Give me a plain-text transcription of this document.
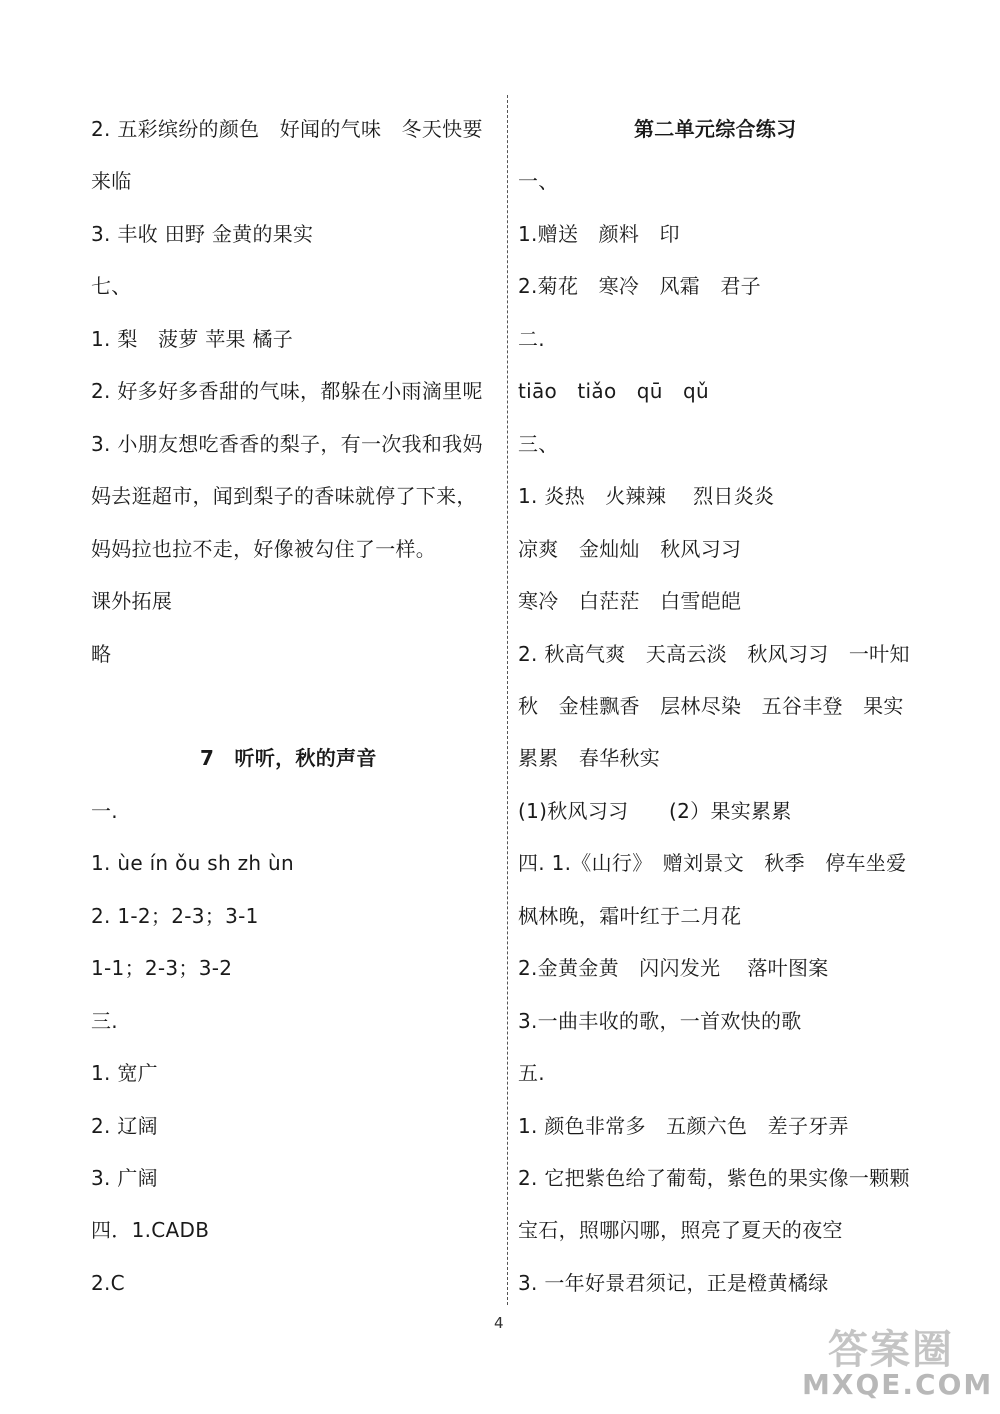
2. 五彩缤纷的颜色　好闻的气味　冬天快要
来临
3. 丰收 田野 金黄的果实
七、
1. 梨　菠萝 苹果 橘子
2. 好多好多香甜的气味，都躲在小雨滴里呢
3. 小朋友想吃香香的梨子，有一次我和我妈
妈去逛超市，闻到梨子的香味就停了下来，
妈妈拉也拉不走，好像被勾住了一样。
课外拓展
略
7　听听，秋的声音
一.
1. ùe ín ǒu sh zh ùn
2. 1-2；2-3；3-1
1-1；2-3；3-2
三.
1. 宽广
2. 辽阔
3. 广阔
四．1.CADB
2.C
第二单元综合练习
一、
1.赠送　颜料　印
2.菊花　寒冷　风霜　君子
二.
tiāo　tiǎo　qū　qǔ
三、
1. 炎热　火辣辣　 烈日炎炎
凉爽　金灿灿　秋风习习
寒冷　白茫茫　白雪皑皑
2. 秋高气爽　天高云淡　秋风习习　一叶知
秋　金桂飘香　层林尽染　五谷丰登　果实
累累　春华秋实
(1)秋风习习　　(2）果实累累
四. 1.《山行》　赠刘景文　秋季　停车坐爱
枫林晚，霜叶红于二月花
2.金黄金黄　闪闪发光　 落叶图案
3.一曲丰收的歌，一首欢快的歌
五.
1. 颜色非常多　五颜六色　差子牙弄
2. 它把紫色给了葡萄，紫色的果实像一颗颗
宝石，照哪闪哪，照亮了夏天的夜空
3. 一年好景君须记，正是橙黄橘绿
4
答案圈
MXQE.COM
